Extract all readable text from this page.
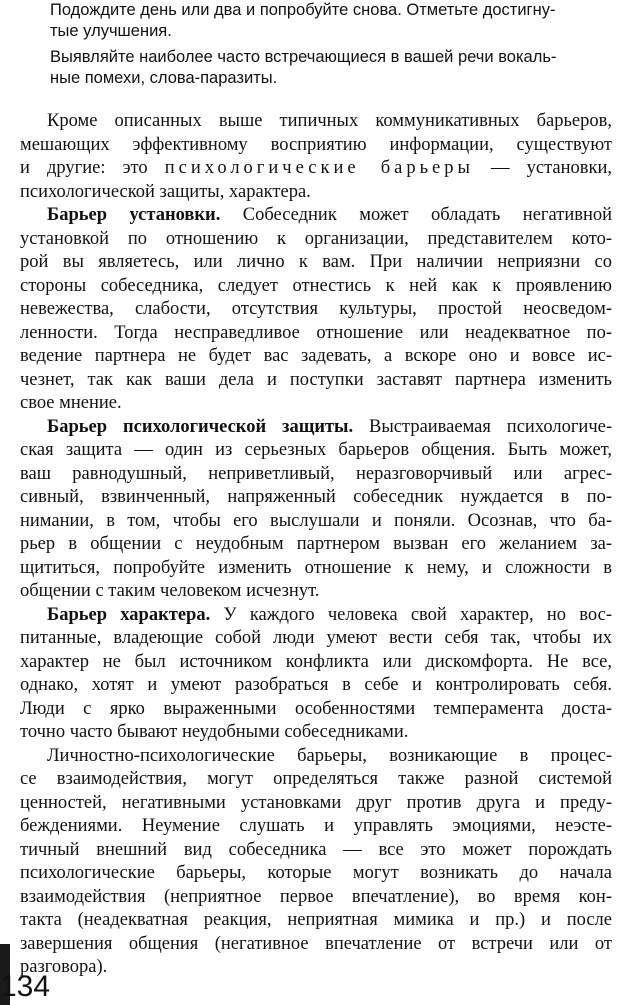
Подождите день или два и попробуйте снова. Отметьте достигну-
тые улучшения.

Выявляйте наиболее часто встречающиеся в вашей речи вокаль-
ные помехи, слова-паразиты.

Кроме описанных выше типичных коммуникативных барьеров,
мешающих эффективному восприятию информации, существуют
и другие: это психологические барьеры — установки,
психологической защиты, характера.
Барьер установки. Собеседник может обладать негативной
установкой по отношению к организации, представителем кото-
рой вы являетесь, или лично к вам. При наличии неприязни со
стороны собеседника, следует отнестись к ней как к проявлению
невежества, слабости, отсутствия культуры, простой неосведом-
ленности. Тогда несправедливое отношение или неадекватное по-
ведение партнера не будет вас задевать, а вскоре оно и вовсе ис-
чезнет, так как ваши дела и поступки заставят партнера изменить
свое мнение.
Барьер психологической защиты. Выстраиваемая психологиче-
ская защита — один из серьезных барьеров общения. Быть может,
ваш равнодушный, неприветливый, неразговорчивый или агрес-
сивный, взвинченный, напряженный собеседник нуждается в по-
нимании, в том, чтобы его выслушали и поняли. Осознав, что ба-
рьер в общении с неудобным партнером вызван его желанием за-
щититься, попробуйте изменить отношение к нему, и сложности в
общении с таким человеком исчезнут.
Барьер характера. У каждого человека свой характер, но вос-
питанные, владеющие собой люди умеют вести себя так, чтобы их
характер не был источником конфликта или дискомфорта. Не все,
однако, хотят и умеют разобраться в себе и контролировать себя.
Люди с ярко выраженными особенностями темперамента доста-
точно часто бывают неудобными собеседниками.
Личностно-психологические барьеры, возникающие в процес-
се взаимодействия, могут определяться также разной системой
ценностей, негативными установками друг против друга и преду-
беждениями. Неумение слушать и управлять эмоциями, неэсте-
тичный внешний вид собеседника — все это может порождать
психологические барьеры, которые могут возникать до начала
взаимодействия (неприятное первое впечатление), во время кон-
такта (неадекватная реакция, неприятная мимика и пр.) и после
завершения общения (негативное впечатление от встречи или от
разговора).
134
